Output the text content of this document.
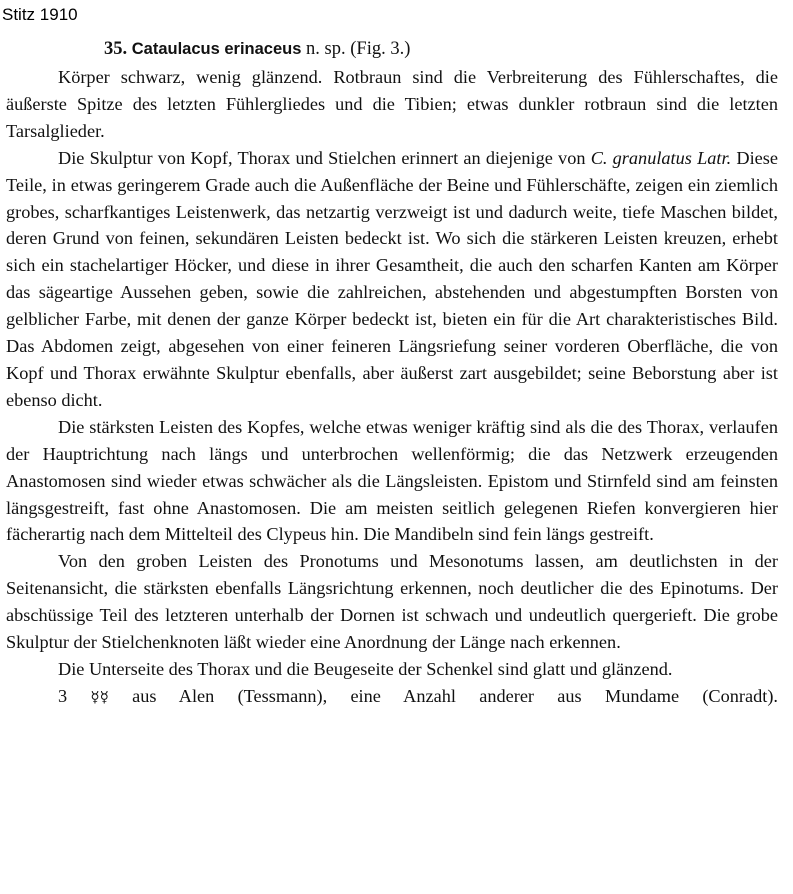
Stitz 1910
35. Cataulacus erinaceus n. sp. (Fig. 3.)

Körper schwarz, wenig glänzend. Rotbraun sind die Verbreiterung des Fühlerschaftes, die äußerste Spitze des letzten Fühlergliedes und die Tibien; etwas dunkler rotbraun sind die letzten Tarsalglieder.

Die Skulptur von Kopf, Thorax und Stielchen erinnert an diejenige von C. granulatus Latr. Diese Teile, in etwas geringerem Grade auch die Außenfläche der Beine und Fühlerschäfte, zeigen ein ziemlich grobes, scharfkantiges Leistenwerk, das netzartig verzweigt ist und dadurch weite, tiefe Maschen bildet, deren Grund von feinen, sekundären Leisten bedeckt ist. Wo sich die stärkeren Leisten kreuzen, erhebt sich ein stachelartiger Höcker, und diese in ihrer Gesamtheit, die auch den scharfen Kanten am Körper das sägeartige Aussehen geben, sowie die zahlreichen, abstehenden und abgestumpften Borsten von gelblicher Farbe, mit denen der ganze Körper bedeckt ist, bieten ein für die Art charakteristisches Bild. Das Abdomen zeigt, abgesehen von einer feineren Längsriefung seiner vorderen Oberfläche, die von Kopf und Thorax erwähnte Skulptur ebenfalls, aber äußerst zart ausgebildet; seine Beborstung aber ist ebenso dicht.

Die stärksten Leisten des Kopfes, welche etwas weniger kräftig sind als die des Thorax, verlaufen der Hauptrichtung nach längs und unterbrochen wellenförmig; die das Netzwerk erzeugenden Anastomosen sind wieder etwas schwächer als die Längsleisten. Epistom und Stirnfeld sind am feinsten längsgestreift, fast ohne Anastomosen. Die am meisten seitlich gelegenen Riefen konvergieren hier fächerartig nach dem Mittelteil des Clypeus hin. Die Mandibeln sind fein längs gestreift.

Von den groben Leisten des Pronotums und Mesonotums lassen, am deutlichsten in der Seitenansicht, die stärksten ebenfalls Längsrichtung erkennen, noch deutlicher die des Epinotums. Der abschüssige Teil des letzteren unterhalb der Dornen ist schwach und undeutlich quergerieft. Die grobe Skulptur der Stielchenknoten läßt wieder eine Anordnung der Länge nach erkennen.

Die Unterseite des Thorax und die Beugeseite der Schenkel sind glatt und glänzend.

3 ☿☿ aus Alen (Tessmann), eine Anzahl anderer aus Mundame (Conradt).
